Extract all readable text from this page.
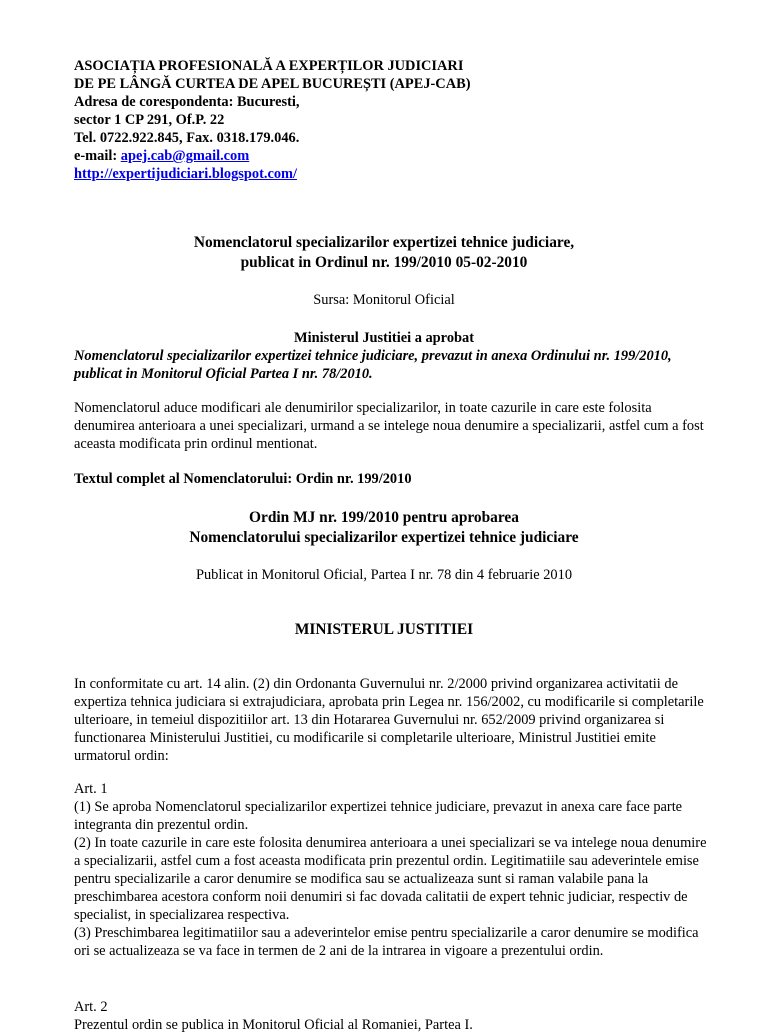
ASOCIAȚIA PROFESIONALĂ A EXPERȚILOR JUDICIARI

DE PE LÂNGĂ CURTEA DE APEL BUCUREȘTI (APEJ-CAB)

Adresa de corespondenta: Bucuresti,

sector 1 CP 291, Of.P. 22

Tel. 0722.922.845, Fax. 0318.179.046.

e-mail: apej.cab@gmail.com

http://expertijudiciari.blogspot.com/

Nomenclatorul specializarilor expertizei tehnice judiciare,

publicat in Ordinul nr. 199/2010 05-02-2010

Sursa: Monitorul Oficial
Ministerul Justitiei a aprobat
Nomenclatorul specializarilor expertizei tehnice judiciare, prevazut in anexa Ordinului nr. 199/2010, publicat in Monitorul Oficial Partea I nr. 78/2010.
Nomenclatorul aduce modificari ale denumirilor specializarilor, in toate cazurile in care este folosita denumirea anterioara a unei specializari, urmand a se intelege noua denumire a specializarii, astfel cum a fost aceasta modificata prin ordinul mentionat.
Textul complet al Nomenclatorului: Ordin nr. 199/2010

Ordin MJ nr. 199/2010 pentru aprobarea

Nomenclatorului specializarilor expertizei tehnice judiciare

Publicat in Monitorul Oficial, Partea I nr. 78 din 4 februarie 2010
MINISTERUL JUSTITIEI
In conformitate cu art. 14 alin. (2) din Ordonanta Guvernului nr. 2/2000 privind organizarea activitatii de expertiza tehnica judiciara si extrajudiciara, aprobata prin Legea nr. 156/2002, cu modificarile si completarile ulterioare, in temeiul dispozitiilor art. 13 din Hotararea Guvernului nr. 652/2009 privind organizarea si functionarea Ministerului Justitiei, cu modificarile si completarile ulterioare, Ministrul Justitiei emite urmatorul ordin:

Art. 1

(1) Se aproba Nomenclatorul specializarilor expertizei tehnice judiciare, prevazut in anexa care face parte integranta din prezentul ordin.

(2) In toate cazurile in care este folosita denumirea anterioara a unei specializari se va intelege noua denumire a specializarii, astfel cum a fost aceasta modificata prin prezentul ordin. Legitimatiile sau adeverintele emise pentru specializarile a caror denumire se modifica sau se actualizeaza sunt si raman valabile pana la preschimbarea acestora conform noii denumiri si fac dovada calitatii de expert tehnic judiciar, respectiv de specialist, in specializarea respectiva.

(3) Preschimbarea legitimatiilor sau a adeverintelor emise pentru specializarile a caror denumire se modifica ori se actualizeaza se va face in termen de 2 ani de la intrarea in vigoare a prezentului ordin.

Art. 2

Prezentul ordin se publica in Monitorul Oficial al Romaniei, Partea I.
